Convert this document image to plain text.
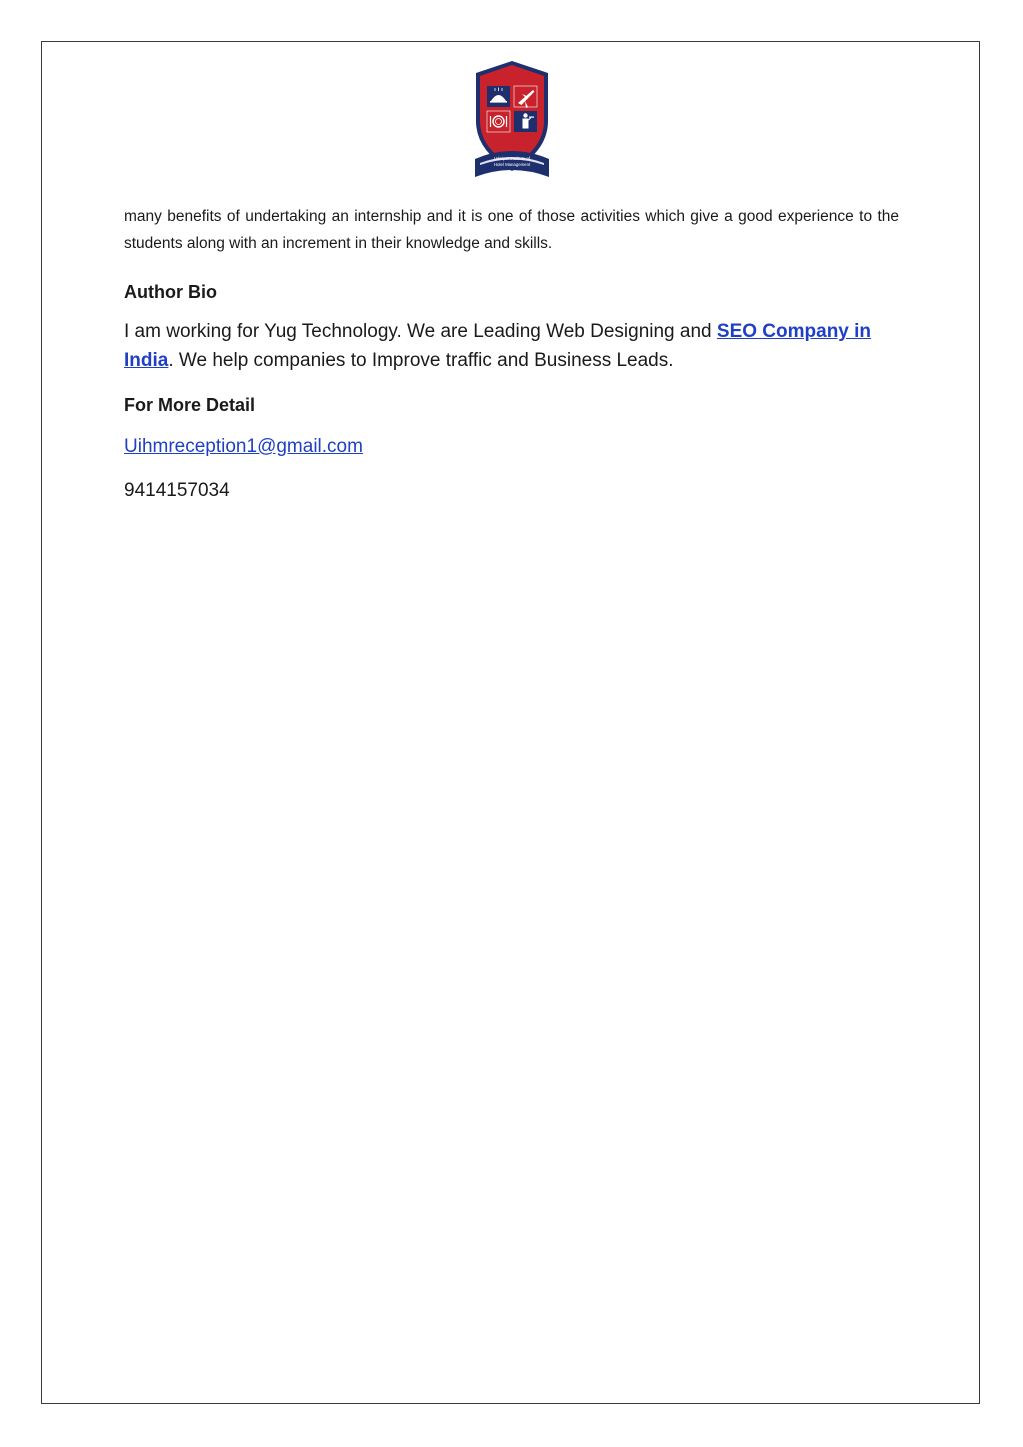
Udaipur Institute of
Hotel Management
U I H M

many benefits of undertaking an internship and it is one of those activities which give a good experience to the students along with an increment in their knowledge and skills.

Author Bio

I am working for Yug Technology. We are Leading Web Designing and SEO Company in India. We help companies to Improve traffic and Business Leads.

For More Detail
Uihmreception1@gmail.com

9414157034
